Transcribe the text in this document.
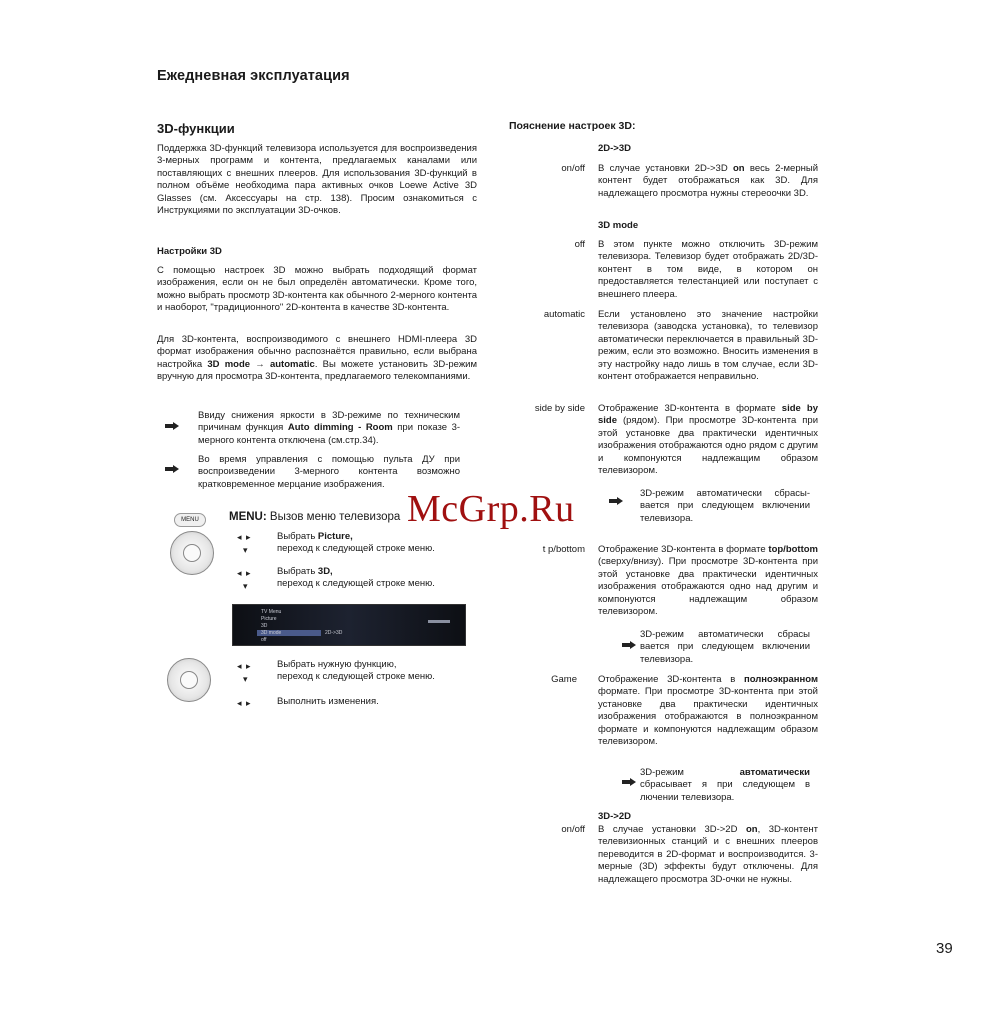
Ежедневная эксплуатация
3D-функции
Поддержка 3D-функций телевизора используется для воспроизведения 3-мерных программ и контента, предлагаемых каналами или поставляющих с внешних плееров. Для использования 3D-функций в полном объёме необходима пара активных очков Loewe Active 3D Glasses (см. Аксессуары на стр. 138). Просим ознакомиться с Инструкциями по эксплуатации 3D-очков.
Настройки 3D
С помощью настроек 3D можно выбрать подходящий формат изображения, если он не был определён автоматически. Кроме того, можно выбрать просмотр 3D-контента как обычного 2-мерного контента и наоборот, "традиционного" 2D-контента в качестве 3D-контента.
Для 3D-контента, воспроизводимого с внешнего HDMI-плеера 3D формат изображения обычно распознаётся правильно, если выбрана настройка 3D mode → automatic. Вы можете установить 3D-режим вручную для просмотра 3D-контента, предлагаемого телекомпаниями.
Ввиду снижения яркости в 3D-режиме по техническим причинам функция Auto dimming - Room при показе 3-мерного контента отключена (см.стр.34).
Во время управления с помощью пульта ДУ при воспроизведении 3-мерного контента возможно кратковременное мерцание изображения.
MENU	MENU: Вызов меню телевизора
◂ ▸
▾
Выбрать Picture,
переход к следующей строке меню.
◂ ▸
▾
Выбрать 3D,
переход к следующей строке меню.
TV Menu
Picture
3D
3D mode
off
2D->3D
◂ ▸
▾
Выбрать нужную функцию,
переход к следующей строке меню.
◂ ▸	Выполнить изменения.
Пояснение настроек 3D:
2D->3D
on/off В случае установки 2D->3D on весь 2-мерный контент будет отображаться как 3D. Для надлежащего просмотра нужны стереоочки 3D.
3D mode
off В этом пункте можно отключить 3D-режим телевизора. Телевизор будет отображать 2D/3D-контент в том виде, в котором он предоставляется телестанцией или поступает с внешнего плеера.
automatic Если установлено это значение настройки телевизора (заводска установка), то телевизор автоматически переключается в правильный 3D-режим, если это возможно. Вносить изменения в эту настройку надо лишь в том случае, если 3D-контент отображается неправильно.
side by side Отображение 3D-контента в формате side by side (рядом). При просмотре 3D-контента при этой установке два практически идентичных изображения отображаются одно рядом с другим и компонуются надлежащим образом телевизором.
3D-режим автоматически сбрасы-вается при следующем включении телевизора.
t p/bottom Отображение 3D-контента в формате top/bottom (сверху/внизу). При просмотре 3D-контента при этой установке два практически идентичных изображения отображаются одно над другим и компонуются надлежащим образом телевизором.
3D-режим автоматически сбрасы вается при следующем включении телевизора.
Game Отображение 3D-контента в полноэкранном формате. При просмотре 3D-контента при этой установке два практически идентичных изображения отображаются в полноэкранном формате и компонуются надлежащим образом телевизором.
3D-режим	автоматически сбрасывает я при следующем в лючении телевизора.
3D->2D
on/off В случае установки 3D->2D on, 3D-контент телевизионных станций и с внешних плееров переводится в 2D-формат и воспроизводится. 3-мерные (3D) эффекты будут отключены. Для надлежащего просмотра 3D-очки не нужны.
McGrp.Ru
39
